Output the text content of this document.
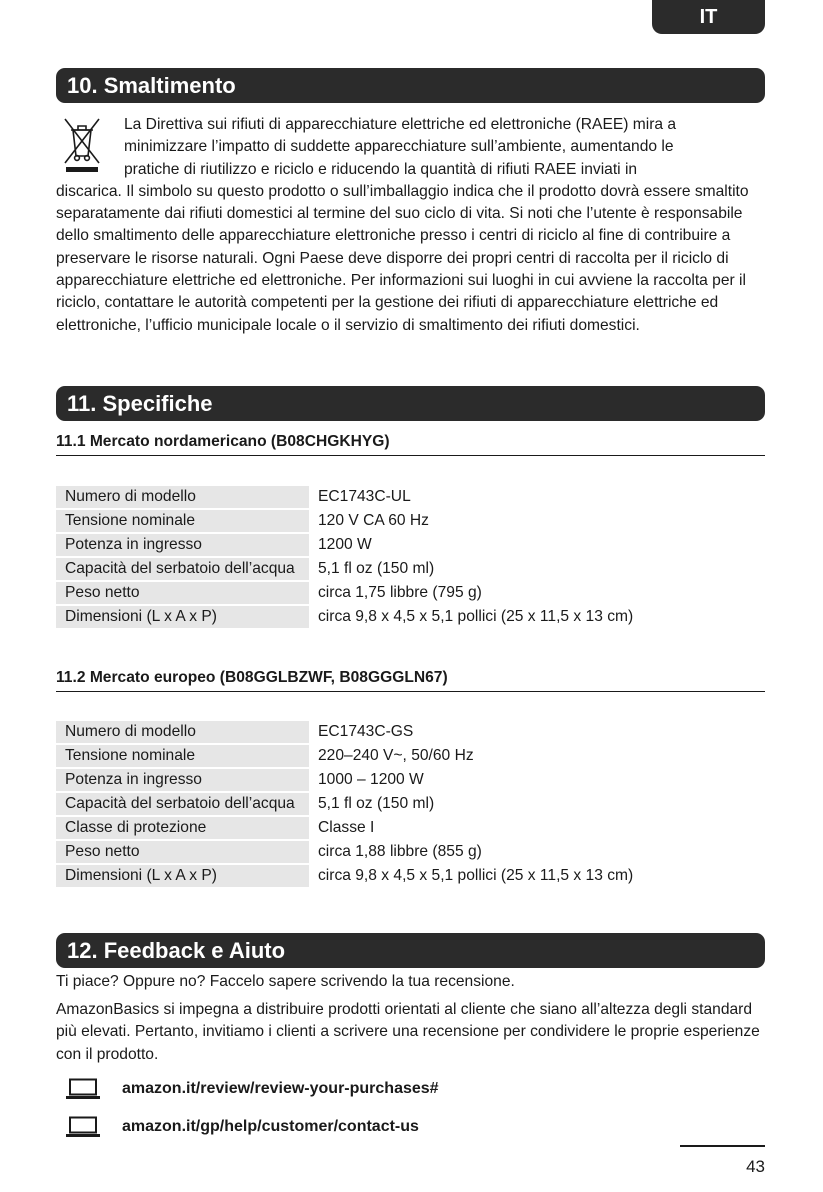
IT
10. Smaltimento
La Direttiva sui rifiuti di apparecchiature elettriche ed elettroniche (RAEE) mira a
minimizzare l’impatto di suddette apparecchiature sull’ambiente, aumentando le
pratiche di riutilizzo e riciclo e riducendo la quantità di rifiuti RAEE inviati in
discarica. Il simbolo su questo prodotto o sull’imballaggio indica che il prodotto dovrà essere smaltito separatamente dai rifiuti domestici al termine del suo ciclo di vita. Si noti che l’utente è responsabile dello smaltimento delle apparecchiature elettroniche presso i centri di riciclo al fine di contribuire a preservare le risorse naturali. Ogni Paese deve disporre dei propri centri di raccolta per il riciclo di apparecchiature elettriche ed elettroniche. Per informazioni sui luoghi in cui avviene la raccolta per il riciclo, contattare le autorità competenti per la gestione dei rifiuti di apparecchiature elettriche ed elettroniche, l’ufficio municipale locale o il servizio di smaltimento dei rifiuti domestici.
11. Specifiche
11.1 Mercato nordamericano (B08CHGKHYG)
Numero di modello	EC1743C-UL
Tensione nominale	120 V CA 60 Hz
Potenza in ingresso	1200 W
Capacità del serbatoio dell’acqua	5,1 fl oz (150 ml)
Peso netto	circa 1,75 libbre (795 g)
Dimensioni (L x A x P)	circa 9,8 x 4,5 x 5,1 pollici (25 x 11,5 x 13 cm)
11.2 Mercato europeo (B08GGLBZWF, B08GGGLN67)
Numero di modello	EC1743C-GS
Tensione nominale	220–240 V~, 50/60 Hz
Potenza in ingresso	1000 – 1200 W
Capacità del serbatoio dell’acqua	5,1 fl oz (150 ml)
Classe di protezione	Classe I
Peso netto	circa 1,88 libbre (855 g)
Dimensioni (L x A x P)	circa 9,8 x 4,5 x 5,1 pollici (25 x 11,5 x 13 cm)
12. Feedback e Aiuto
Ti piace? Oppure no? Faccelo sapere scrivendo la tua recensione.
AmazonBasics si impegna a distribuire prodotti orientati al cliente che siano all’altezza degli standard più elevati. Pertanto, invitiamo i clienti a scrivere una recensione per condividere le proprie esperienze con il prodotto.
amazon.it/review/review-your-purchases#
amazon.it/gp/help/customer/contact-us
43
